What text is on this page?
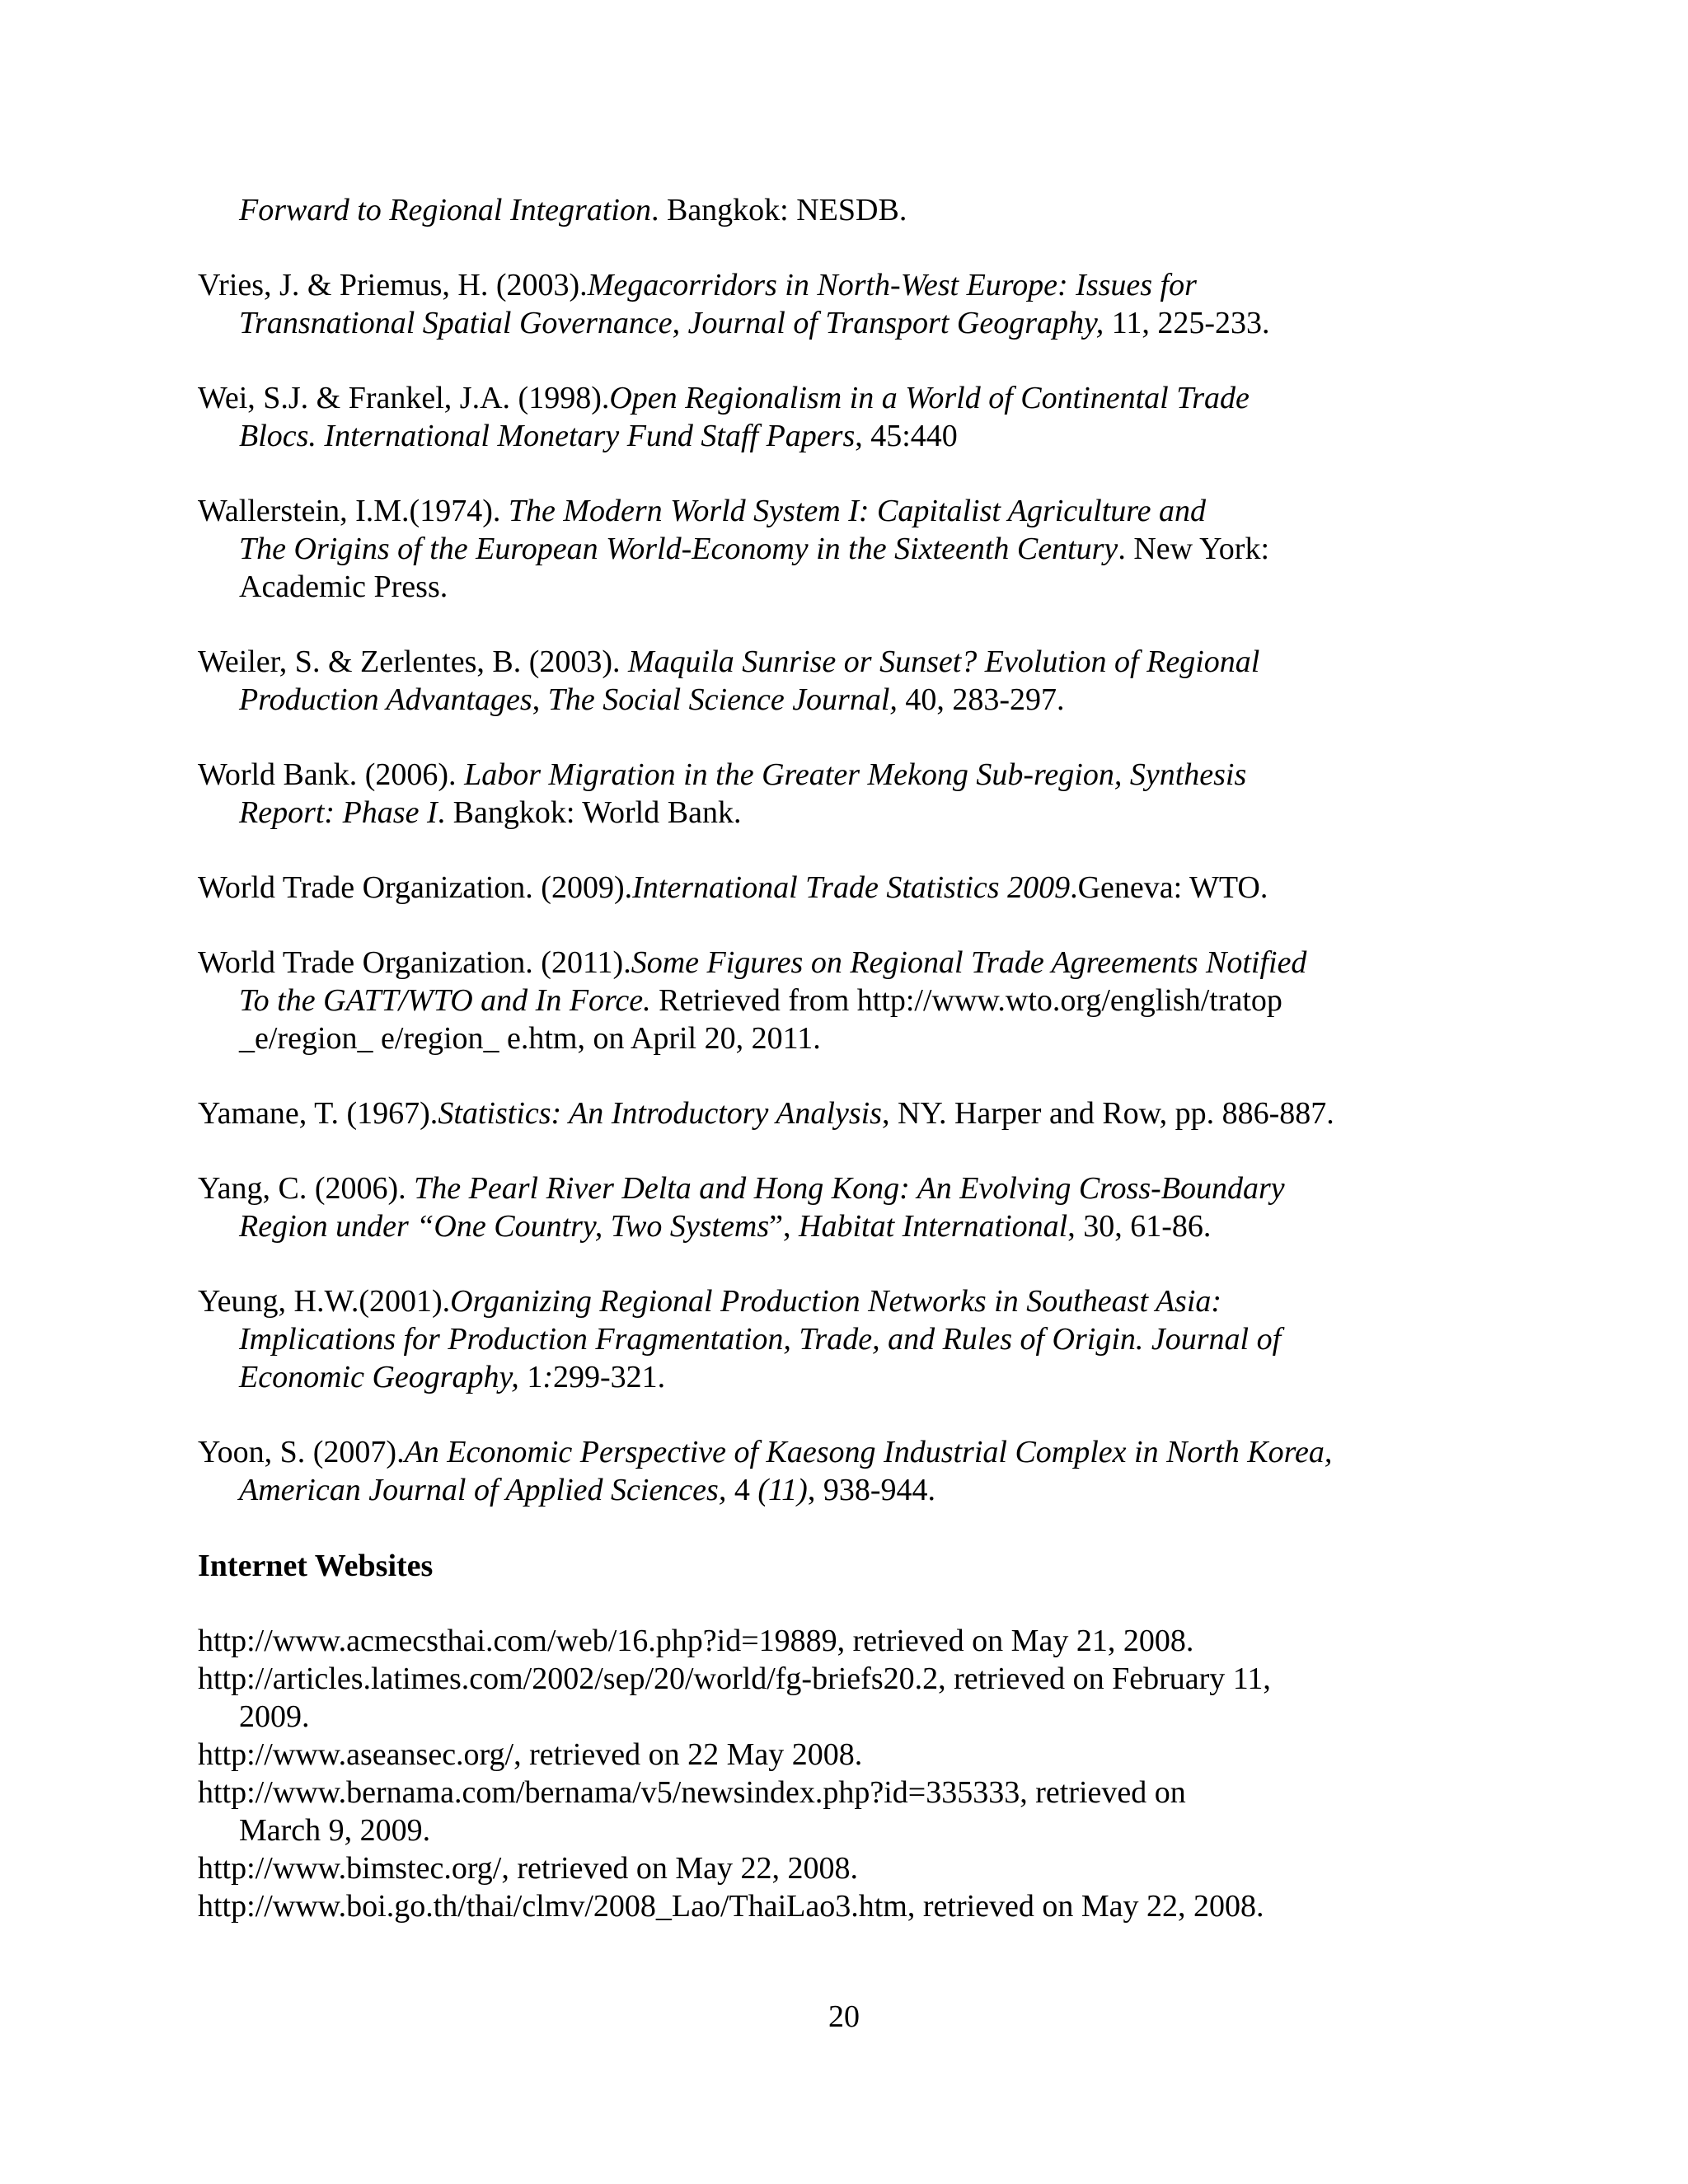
Forward to Regional Integration. Bangkok: NESDB.
Vries, J. & Priemus, H. (2003).Megacorridors in North-West Europe: Issues for
Transnational Spatial Governance, Journal of Transport Geography, 11, 225-233.
Wei, S.J. & Frankel, J.A. (1998).Open Regionalism in a World of Continental Trade
Blocs. International Monetary Fund Staff Papers, 45:440
Wallerstein, I.M.(1974). The Modern World System I: Capitalist Agriculture and
The Origins of the European World-Economy in the Sixteenth Century. New York:
Academic Press.
Weiler, S. & Zerlentes, B. (2003). Maquila Sunrise or Sunset? Evolution of Regional
Production Advantages, The Social Science Journal, 40, 283-297.
World Bank. (2006). Labor Migration in the Greater Mekong Sub-region, Synthesis
Report: Phase I. Bangkok: World Bank.
World Trade Organization. (2009).International Trade Statistics 2009.Geneva: WTO.
World Trade Organization. (2011).Some Figures on Regional Trade Agreements Notified
To the GATT/WTO and In Force. Retrieved from http://www.wto.org/english/tratop
_e/region_ e/region_ e.htm, on April 20, 2011.
Yamane, T. (1967).Statistics: An Introductory Analysis, NY. Harper and Row, pp. 886-887.
Yang, C. (2006). The Pearl River Delta and Hong Kong: An Evolving Cross-Boundary
Region under “One Country, Two Systems”, Habitat International, 30, 61-86.
Yeung, H.W.(2001).Organizing Regional Production Networks in Southeast Asia:
Implications for Production Fragmentation, Trade, and Rules of Origin. Journal of
Economic Geography, 1:299-321.
Yoon, S. (2007).An Economic Perspective of Kaesong Industrial Complex in North Korea,
American Journal of Applied Sciences, 4 (11), 938-944.
Internet Websites
http://www.acmecsthai.com/web/16.php?id=19889, retrieved on May 21, 2008.
http://articles.latimes.com/2002/sep/20/world/fg-briefs20.2, retrieved on February 11,
2009.
http://www.aseansec.org/, retrieved on 22 May 2008.
http://www.bernama.com/bernama/v5/newsindex.php?id=335333, retrieved on
March 9, 2009.
http://www.bimstec.org/, retrieved on May 22, 2008.
http://www.boi.go.th/thai/clmv/2008_Lao/ThaiLao3.htm, retrieved on May 22, 2008.
20
